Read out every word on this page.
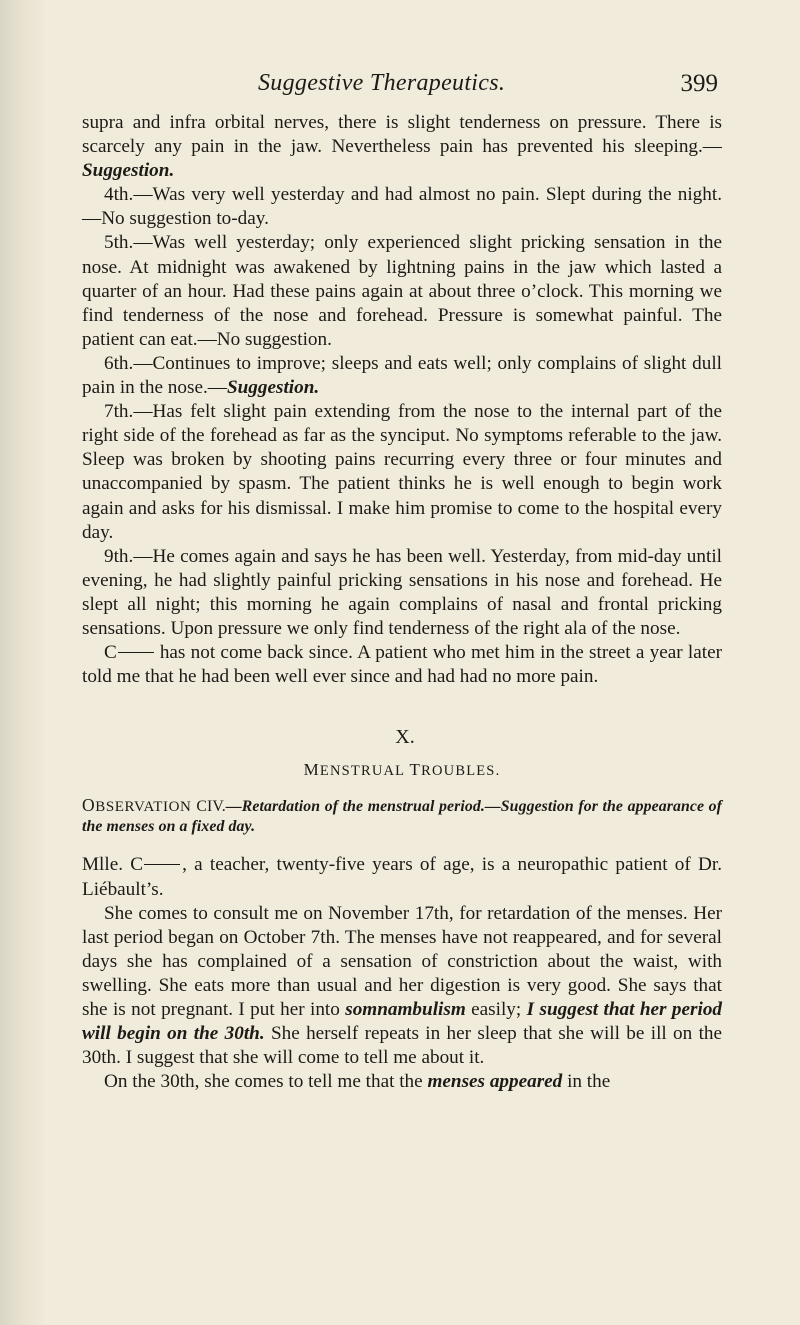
Suggestive Therapeutics.	399

supra and infra orbital nerves, there is slight tenderness on pressure. There is scarcely any pain in the jaw. Nevertheless pain has prevented his sleeping.—Suggestion.

4th.—Was very well yesterday and had almost no pain. Slept during the night.—No suggestion to-day.

5th.—Was well yesterday; only experienced slight pricking sensation in the nose. At midnight was awakened by lightning pains in the jaw which lasted a quarter of an hour. Had these pains again at about three o’clock. This morning we find tenderness of the nose and forehead. Pressure is somewhat painful. The patient can eat.—No suggestion.

6th.—Continues to improve; sleeps and eats well; only complains of slight dull pain in the nose.—Suggestion.

7th.—Has felt slight pain extending from the nose to the internal part of the right side of the forehead as far as the synciput. No symptoms referable to the jaw. Sleep was broken by shooting pains recurring every three or four minutes and unaccompanied by spasm. The patient thinks he is well enough to begin work again and asks for his dismissal. I make him promise to come to the hospital every day.

9th.—He comes again and says he has been well. Yesterday, from mid-day until evening, he had slightly painful pricking sensations in his nose and forehead. He slept all night; this morning he again complains of nasal and frontal pricking sensations. Upon pressure we only find tenderness of the right ala of the nose.

C has not come back since. A patient who met him in the street a year later told me that he had been well ever since and had had no more pain.

X.

MENSTRUAL TROUBLES.

OBSERVATION CIV.—Retardation of the menstrual period.—Suggestion for the appearance of the menses on a fixed day.

Mlle. C , a teacher, twenty-five years of age, is a neuropathic patient of Dr. Liébault’s.

She comes to consult me on November 17th, for retardation of the menses. Her last period began on October 7th. The menses have not reappeared, and for several days she has complained of a sensation of constriction about the waist, with swelling. She eats more than usual and her digestion is very good. She says that she is not pregnant. I put her into somnambulism easily; I suggest that her period will begin on the 30th. She herself repeats in her sleep that she will be ill on the 30th. I suggest that she will come to tell me about it.

On the 30th, she comes to tell me that the menses appeared in the
